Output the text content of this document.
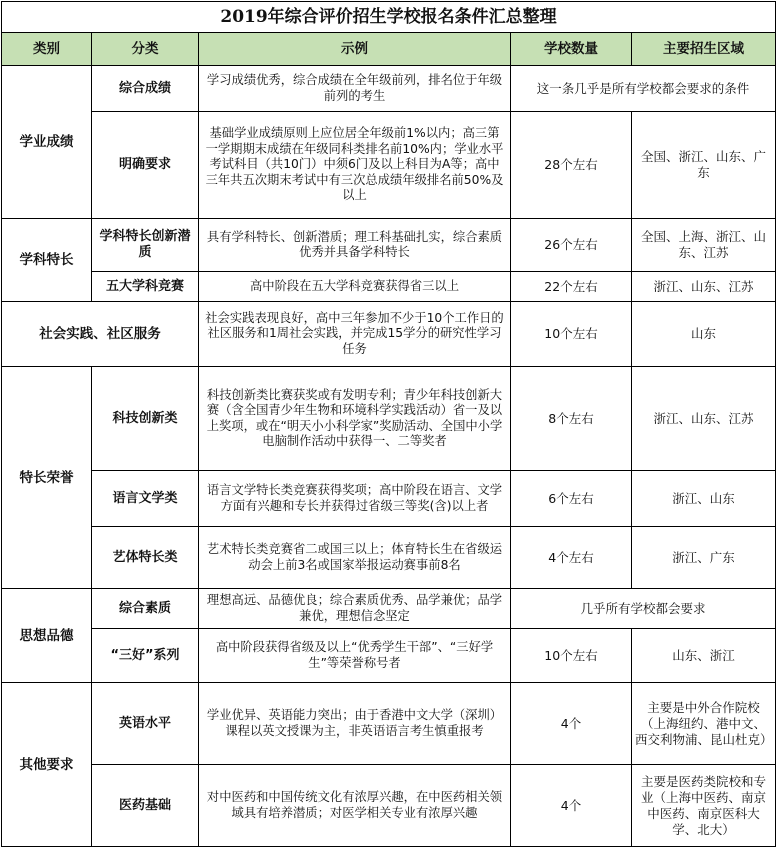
2019年综合评价招生学校报名条件汇总整理				
类别	分类	示例	学校数量	主要招生区域
学业成绩	综合成绩	学习成绩优秀，综合成绩在全年级前列，排名位于年级前列的考生	这一条几乎是所有学校都会要求的条件	
	明确要求	基础学业成绩原则上应位居全年级前1%以内；高三第一学期期末成绩在年级同科类排名前10%内；学业水平考试科目（共10门）中须6门及以上科目为A等；高中三年共五次期末考试中有三次总成绩年级排名前50%及以上	28个左右	全国、浙江、山东、广东
学科特长	学科特长创新潜质	具有学科特长、创新潜质；理工科基础扎实，综合素质优秀并具备学科特长	26个左右	全国、上海、浙江、山东、江苏
	五大学科竞赛	高中阶段在五大学科竞赛获得省三以上	22个左右	浙江、山东、江苏
社会实践、社区服务		社会实践表现良好，高中三年参加不少于10个工作日的社区服务和1周社会实践，并完成15学分的研究性学习任务	10个左右	山东
特长荣誉	科技创新类	科技创新类比赛获奖或有发明专利；青少年科技创新大赛（含全国青少年生物和环境科学实践活动）省一及以上奖项，或在“明天小小科学家”奖励活动、全国中小学电脑制作活动中获得一、二等奖者	8个左右	浙江、山东、江苏
	语言文学类	语言文学特长类竞赛获得奖项；高中阶段在语言、文学方面有兴趣和专长并获得过省级三等奖(含)以上者	6个左右	浙江、山东
	艺体特长类	艺术特长类竞赛省二或国三以上；体育特长生在省级运动会上前3名或国家举报运动赛事前8名	4个左右	浙江、广东
思想品德	综合素质	理想高远、品德优良；综合素质优秀、品学兼优；品学兼优，理想信念坚定	几乎所有学校都会要求	
	“三好”系列	高中阶段获得省级及以上“优秀学生干部”、“三好学生”等荣誉称号者	10个左右	山东、浙江
其他要求	英语水平	学业优异、英语能力突出；由于香港中文大学（深圳）课程以英文授课为主，非英语语言考生慎重报考	4个	主要是中外合作院校（上海纽约、港中文、西交利物浦、昆山杜克）
	医药基础	对中医药和中国传统文化有浓厚兴趣，在中医药相关领域具有培养潜质；对医学相关专业有浓厚兴趣	4个	主要是医药类院校和专业（上海中医药、南京中医药、南京医科大学、北大）
